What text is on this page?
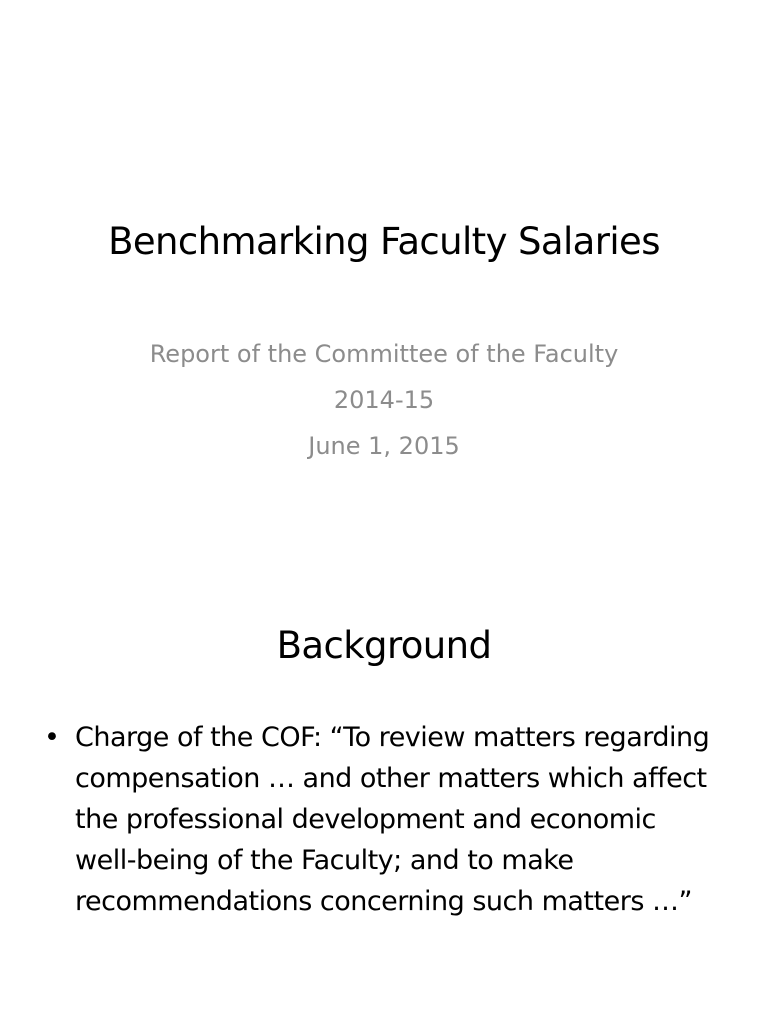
Benchmarking Faculty Salaries
Report of the Committee of the Faculty
2014-15
June 1, 2015
Background
• Charge of the COF: “To review matters regarding compensation … and other matters which affect the professional development and economic well-being of the Faculty; and to make recommendations concerning such matters …”
